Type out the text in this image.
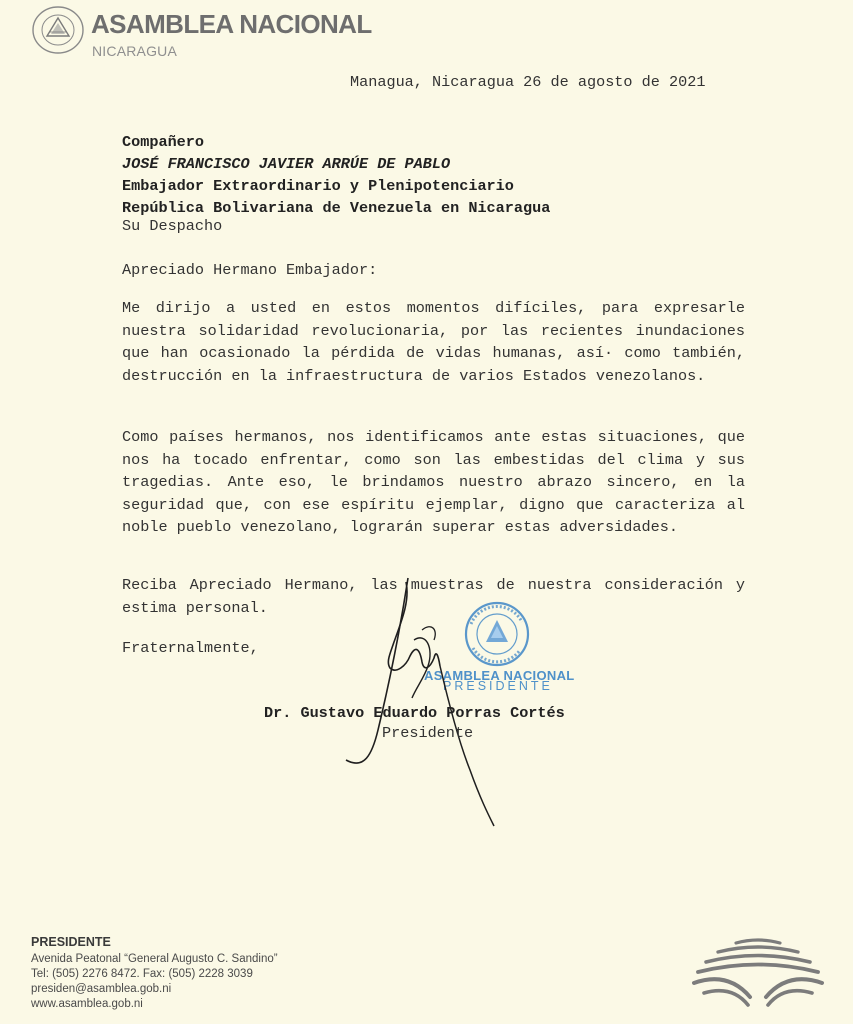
ASAMBLEA NACIONAL
NICARAGUA
Managua, Nicaragua 26 de agosto de 2021
Compañero
JOSÉ FRANCISCO JAVIER ARRÚE DE PABLO
Embajador Extraordinario y Plenipotenciario
República Bolivariana de Venezuela en Nicaragua
Su Despacho
Apreciado Hermano Embajador:
Me dirijo a usted en estos momentos difíciles, para expresarle nuestra solidaridad revolucionaria, por las recientes inundaciones que han ocasionado la pérdida de vidas humanas, así· como también, destrucción en la infraestructura de varios Estados venezolanos.
Como países hermanos, nos identificamos ante estas situaciones, que nos ha tocado enfrentar, como son las embestidas del clima y sus tragedias. Ante eso, le brindamos nuestro abrazo sincero, en la seguridad que, con ese espíritu ejemplar, digno que caracteriza al noble pueblo venezolano, lograrán superar estas adversidades.
Reciba Apreciado Hermano, las muestras de nuestra consideración y estima personal.
Fraternalmente,
ASAMBLEA NACIONAL
PRESIDENTE
Dr. Gustavo Eduardo Porras Cortés
Presidente
PRESIDENTE
Avenida Peatonal “General Augusto C. Sandino”
Tel: (505) 2276 8472. Fax: (505) 2228 3039
presiden@asamblea.gob.ni
www.asamblea.gob.ni
